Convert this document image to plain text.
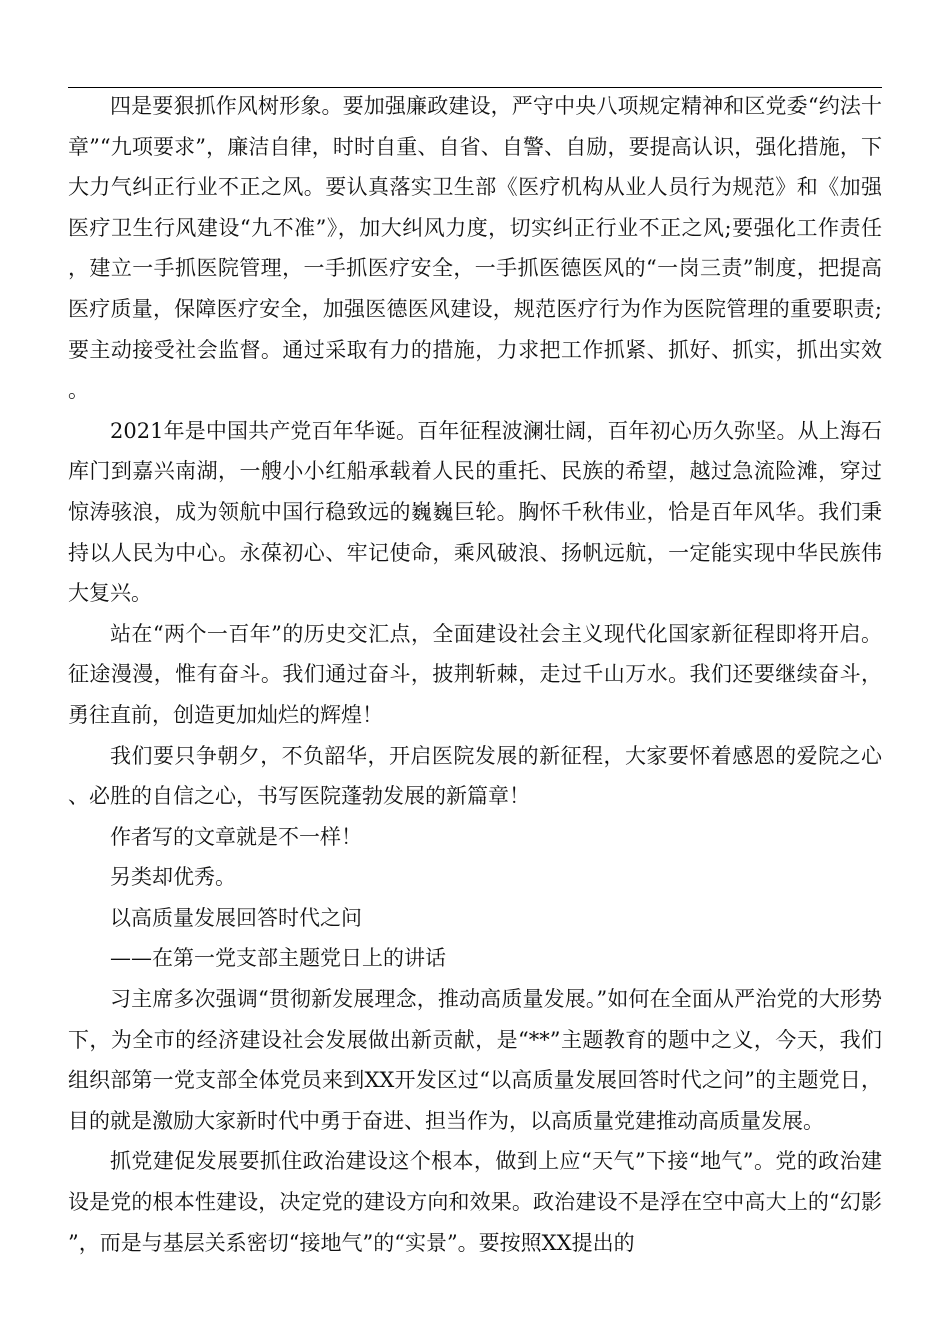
四是要狠抓作风树形象。要加强廉政建设，严守中央八项规定精神和区党委“约法十章”“九项要求”，廉洁自律，时时自重、自省、自警、自励，要提高认识，强化措施，下大力气纠正行业不正之风。要认真落实卫生部《医疗机构从业人员行为规范》和《加强医疗卫生行风建设“九不准”》，加大纠风力度，切实纠正行业不正之风;要强化工作责任，建立一手抓医院管理，一手抓医疗安全，一手抓医德医风的“一岗三责”制度，把提高医疗质量，保障医疗安全，加强医德医风建设，规范医疗行为作为医院管理的重要职责;要主动接受社会监督。通过采取有力的措施，力求把工作抓紧、抓好、抓实，抓出实效。

2021年是中国共产党百年华诞。百年征程波澜壮阔，百年初心历久弥坚。从上海石库门到嘉兴南湖，一艘小小红船承载着人民的重托、民族的希望，越过急流险滩，穿过惊涛骇浪，成为领航中国行稳致远的巍巍巨轮。胸怀千秋伟业，恰是百年风华。我们秉持以人民为中心。永葆初心、牢记使命，乘风破浪、扬帆远航，一定能实现中华民族伟大复兴。

站在“两个一百年”的历史交汇点，全面建设社会主义现代化国家新征程即将开启。征途漫漫，惟有奋斗。我们通过奋斗，披荆斩棘，走过千山万水。我们还要继续奋斗，勇往直前，创造更加灿烂的辉煌！

我们要只争朝夕，不负韶华，开启医院发展的新征程，大家要怀着感恩的爱院之心、必胜的自信之心，书写医院蓬勃发展的新篇章！

作者写的文章就是不一样！

另类却优秀。

以高质量发展回答时代之问

——在第一党支部主题党日上的讲话

习主席多次强调“贯彻新发展理念，推动高质量发展。”如何在全面从严治党的大形势下，为全市的经济建设社会发展做出新贡献，是“**”主题教育的题中之义，今天，我们组织部第一党支部全体党员来到XX开发区过“以高质量发展回答时代之问”的主题党日，目的就是激励大家新时代中勇于奋进、担当作为，以高质量党建推动高质量发展。

抓党建促发展要抓住政治建设这个根本，做到上应“天气”下接“地气”。党的政治建设是党的根本性建设，决定党的建设方向和效果。政治建设不是浮在空中高大上的“幻影”，而是与基层关系密切“接地气”的“实景”。要按照XX提出的
